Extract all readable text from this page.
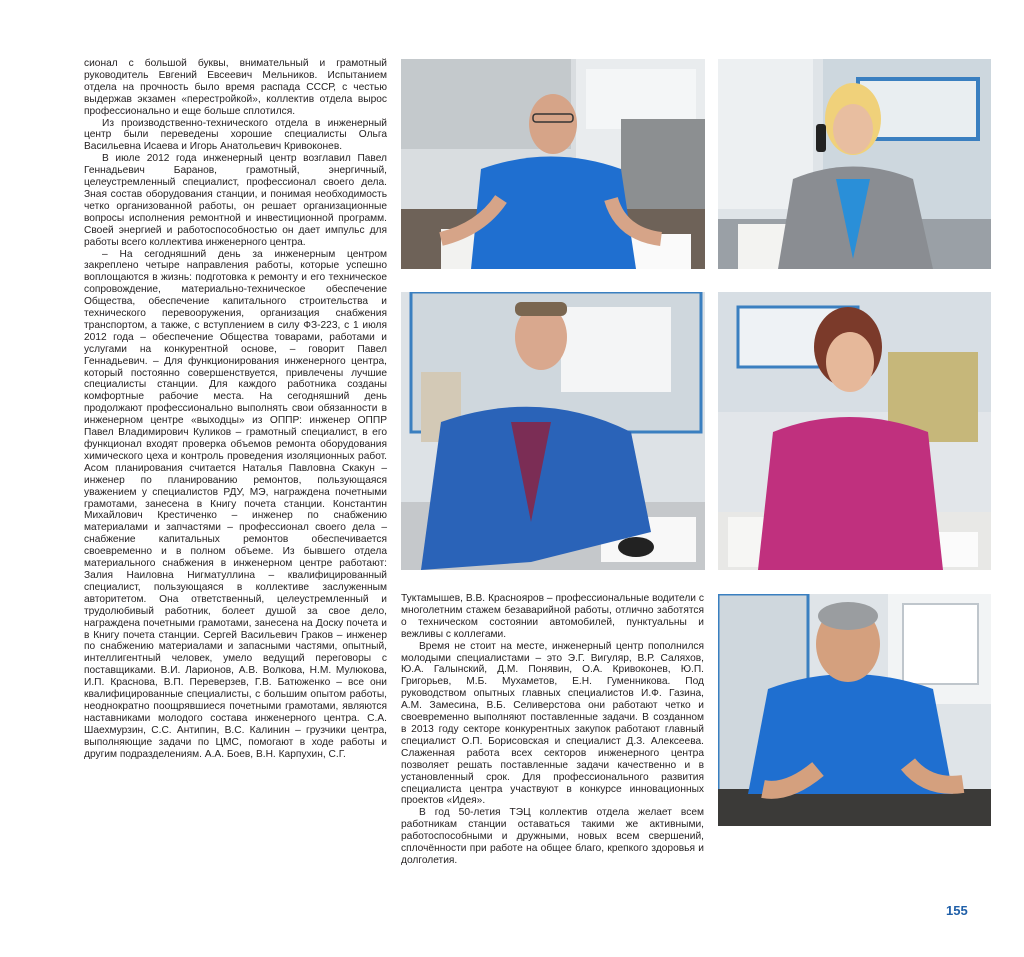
сионал с большой буквы, внимательный и грамотный руководитель Евгений Евсеевич Мельников. Испытанием отдела на прочность было время распада СССР, с честью выдержав экзамен «перестройкой», коллектив отдела вырос профессионально и еще больше сплотился.

Из производственно-технического отдела в инженерный центр были переведены хорошие специалисты Ольга Васильевна Исаева и Игорь Анатольевич Кривоконев.

В июле 2012 года инженерный центр возглавил Павел Геннадьевич Баранов, грамотный, энергичный, целеустремленный специалист, профессионал своего дела. Зная состав оборудования станции, и понимая необходимость четко организованной работы, он решает организационные вопросы исполнения ремонтной и инвестиционной программ. Своей энергией и работоспособностью он дает импульс для работы всего коллектива инженерного центра.

– На сегодняшний день за инженерным центром закреплено четыре направления работы, которые успешно воплощаются в жизнь: подготовка к ремонту и его техническое сопровождение, материально-техническое обеспечение Общества, обеспечение капитального строительства и технического перевооружения, организация снабжения транспортом, а также, с вступлением в силу ФЗ-223, с 1 июля 2012 года – обеспечение Общества товарами, работами и услугами на конкурентной основе, – говорит Павел Геннадьевич. – Для функционирования инженерного центра, который постоянно совершенствуется, привлечены лучшие специалисты станции. Для каждого работника созданы комфортные рабочие места. На сегодняшний день продолжают профессионально выполнять свои обязанности в инженерном центре «выходцы» из ОППР: инженер ОППР Павел Владимирович Куликов – грамотный специалист, в его функционал входят проверка объемов ремонта оборудования химического цеха и контроль проведения изоляционных работ. Асом планирования считается Наталья Павловна Скакун – инженер по планированию ремонтов, пользующаяся уважением у специалистов РДУ, МЭ, награждена почетными грамотами, занесена в Книгу почета станции. Константин Михайлович Крестиченко – инженер по снабжению материалами и запчастями – профессионал своего дела – снабжение капитальных ремонтов обеспечивается своевременно и в полном объеме. Из бывшего отдела материального снабжения в инженерном центре работают: Залия Наиловна Нигматуллина – квалифицированный специалист, пользующаяся в коллективе заслуженным авторитетом. Она ответственный, целеустремленный и трудолюбивый работник, болеет душой за свое дело, награждена почетными грамотами, занесена на Доску почета и в Книгу почета станции. Сергей Васильевич Граков – инженер по снабжению материалами и запасными частями, опытный, интеллигентный человек, умело ведущий переговоры с поставщиками. В.И. Ларионов, А.В. Волкова, Н.М. Мулюкова, И.П. Краснова, В.П. Переверзев, Г.В. Батюженко – все они квалифицированные специалисты, с большим опытом работы, неоднократно поощрявшиеся почетными грамотами, являются наставниками молодого состава инженерного центра. С.А. Шаехмурзин, С.С. Антипин, В.С. Калинин – грузчики центра, выполняющие задачи по ЦМС, помогают в ходе работы и другим подразделениям. А.А. Боев, В.Н. Карпухин, С.Г.

Туктамышев, В.В. Краснояров – профессиональные водители с многолетним стажем безаварийной работы, отлично заботятся о техническом состоянии автомобилей, пунктуальны и вежливы с коллегами.

Время не стоит на месте, инженерный центр пополнился молодыми специалистами – это Э.Г. Вигуляр, В.Р. Саляхов, Ю.А. Галынский, Д.М. Понявин, О.А. Кривоконев, Ю.П. Григорьев, М.Б. Мухаметов, Е.Н. Гуменникова. Под руководством опытных главных специалистов И.Ф. Газина, А.М. Замесина, В.Б. Селиверстова они работают четко и своевременно выполняют поставленные задачи. В созданном в 2013 году секторе конкурентных закупок работают главный специалист О.П. Борисовская и специалист Д.З. Алексеева. Слаженная работа всех секторов инженерного центра позволяет решать поставленные задачи качественно и в установленный срок. Для профессионального развития специалиста центра участвуют в конкурсе инновационных проектов «Идея».

В год 50-летия ТЭЦ коллектив отдела желает всем работникам станции оставаться такими же активными, работоспособными и дружными, новых всем свершений, сплочённости при работе на общее благо, крепкого здоровья и долголетия.

155
